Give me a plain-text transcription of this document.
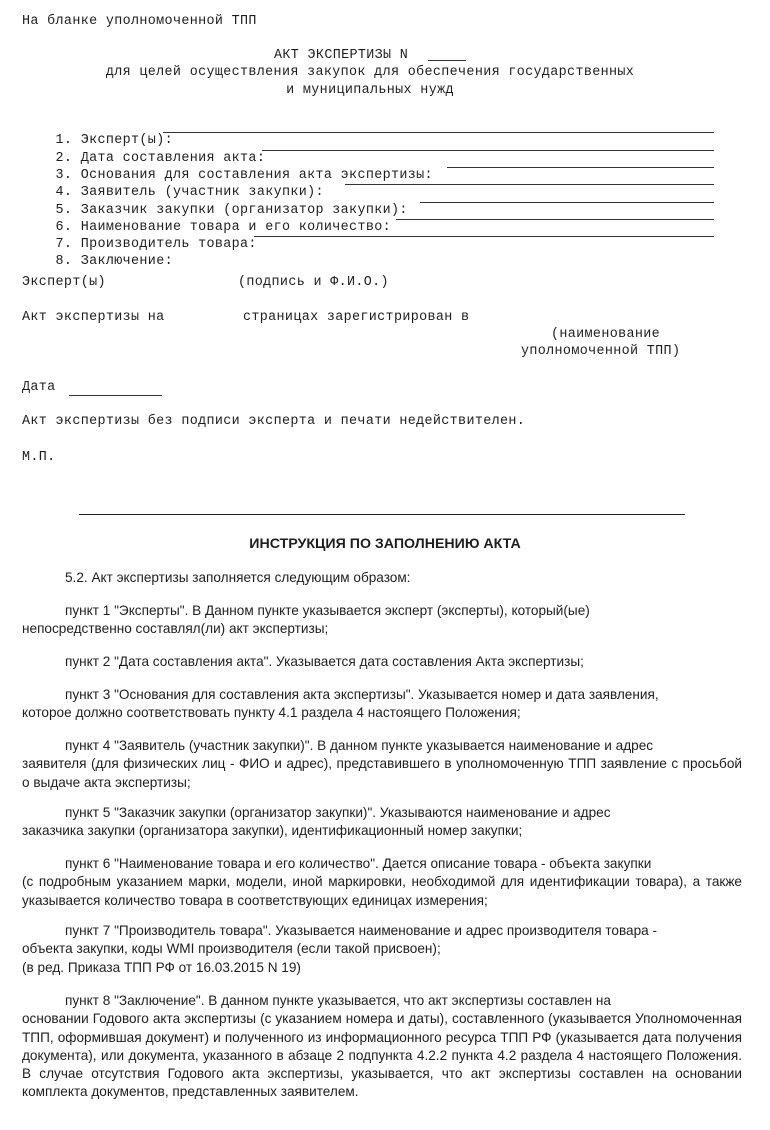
На бланке уполномоченной ТПП
АКТ ЭКСПЕРТИЗЫ N
для целей осуществления закупок для обеспечения государственных
и муниципальных нужд

1. Эксперт(ы):

2. Дата составления акта:

3. Основания для составления акта экспертизы:

4. Заявитель (участник закупки):

5. Заказчик закупки (организатор закупки):

6. Наименование товара и его количество:

7. Производитель товара:

8. Заключение:

Эксперт(ы)	(подпись и Ф.И.О.)
Акт экспертизы на	страницах зарегистрирован в
(наименование
уполномоченной ТПП)
Дата
Акт экспертизы без подписи эксперта и печати недействителен.
М.П.
ИНСТРУКЦИЯ ПО ЗАПОЛНЕНИЮ АКТА
5.2. Акт экспертизы заполняется следующим образом:
пункт 1 "Эксперты". В Данном пункте указывается эксперт (эксперты), который(ые)
непосредственно составлял(ли) акт экспертизы;
пункт 2 "Дата составления акта". Указывается дата составления Акта экспертизы;
пункт 3 "Основания для составления акта экспертизы". Указывается номер и дата заявления,
которое должно соответствовать пункту 4.1 раздела 4 настоящего Положения;
пункт 4 "Заявитель (участник закупки)". В данном пункте указывается наименование и адрес
заявителя (для физических лиц - ФИО и адрес), представившего в уполномоченную ТПП заявление с просьбой о выдаче акта экспертизы;
пункт 5 "Заказчик закупки (организатор закупки)". Указываются наименование и адрес
заказчика закупки (организатора закупки), идентификационный номер закупки;
пункт 6 "Наименование товара и его количество". Дается описание товара - объекта закупки
(с подробным указанием марки, модели, иной маркировки, необходимой для идентификации товара), а также указывается количество товара в соответствующих единицах измерения;
пункт 7 "Производитель товара". Указывается наименование и адрес производителя товара -
объекта закупки, коды WMI производителя (если такой присвоен);
(в ред. Приказа ТПП РФ от 16.03.2015 N 19)
пункт 8 "Заключение". В данном пункте указывается, что акт экспертизы составлен на
основании Годового акта экспертизы (с указанием номера и даты), составленного (указывается Уполномоченная ТПП, оформившая документ) и полученного из информационного ресурса ТПП РФ (указывается дата получения документа), или документа, указанного в абзаце 2 подпункта 4.2.2 пункта 4.2 раздела 4 настоящего Положения. В случае отсутствия Годового акта экспертизы, указывается, что акт экспертизы составлен на основании комплекта документов, представленных заявителем.
